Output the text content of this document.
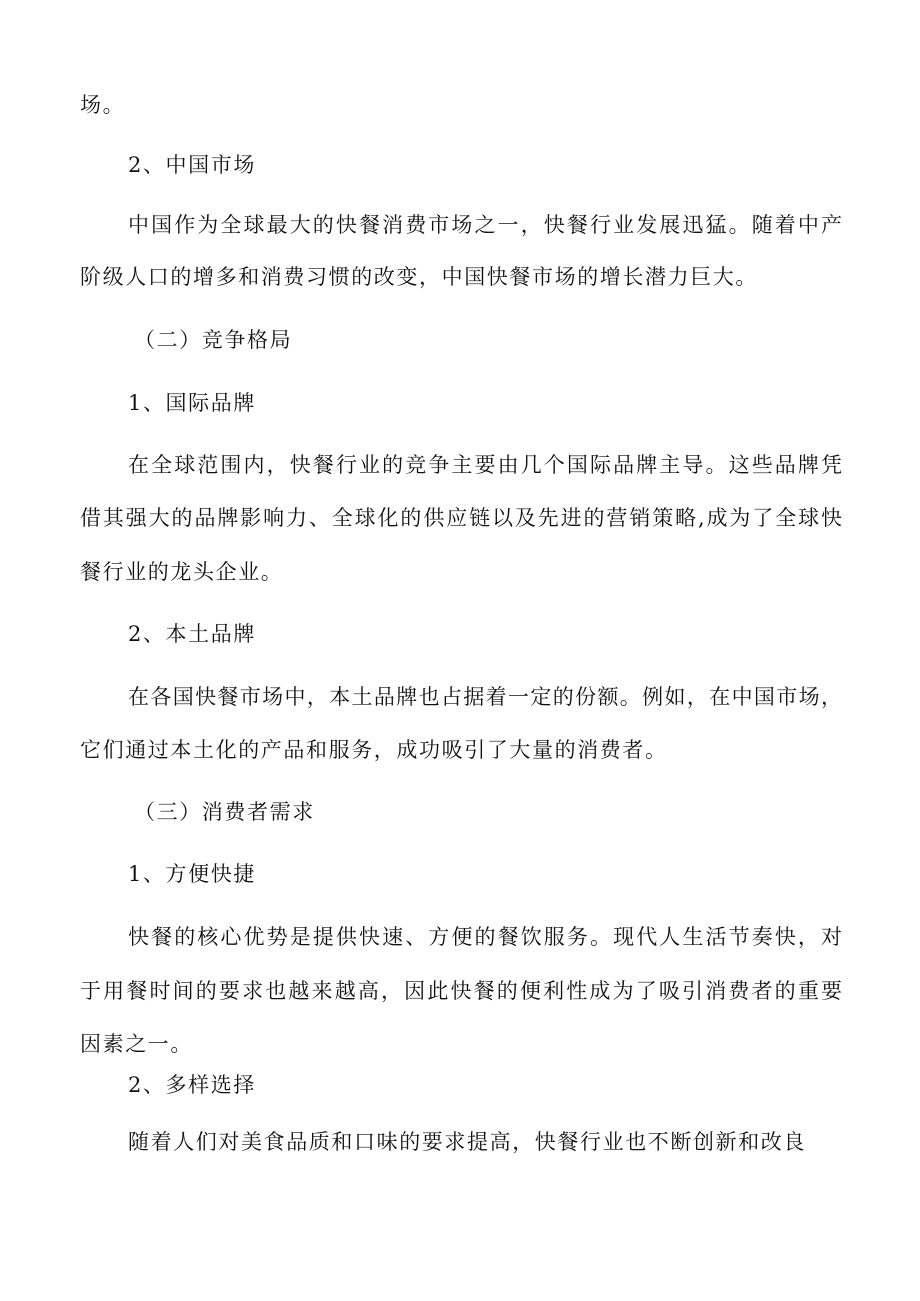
场。
2、中国市场
中国作为全球最大的快餐消费市场之一，快餐行业发展迅猛。随着中产
阶级人口的增多和消费习惯的改变，中国快餐市场的增长潜力巨大。
（二）竞争格局
1、国际品牌
在全球范围内，快餐行业的竞争主要由几个国际品牌主导。这些品牌凭
借其强大的品牌影响力、全球化的供应链以及先进的营销策略,成为了全球快
餐行业的龙头企业。
2、本土品牌
在各国快餐市场中，本土品牌也占据着一定的份额。例如，在中国市场，
它们通过本土化的产品和服务，成功吸引了大量的消费者。
（三）消费者需求
1、方便快捷
快餐的核心优势是提供快速、方便的餐饮服务。现代人生活节奏快，对
于用餐时间的要求也越来越高，因此快餐的便利性成为了吸引消费者的重要
因素之一。
2、多样选择
随着人们对美食品质和口味的要求提高，快餐行业也不断创新和改良
